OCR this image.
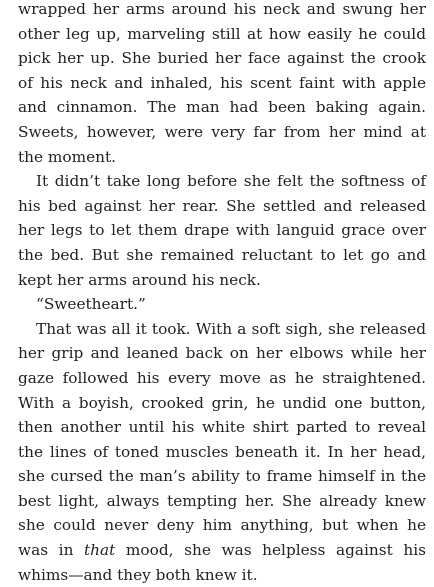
wrapped her arms around his neck and swung her other leg up, marveling still at how easily he could pick her up. She buried her face against the crook of his neck and inhaled, his scent faint with apple and cinnamon. The man had been baking again. Sweets, however, were very far from her mind at the moment.

It didn’t take long before she felt the softness of his bed against her rear. She settled and released her legs to let them drape with languid grace over the bed. But she remained reluctant to let go and kept her arms around his neck.

“Sweetheart.”

That was all it took. With a soft sigh, she released her grip and leaned back on her elbows while her gaze followed his every move as he straightened. With a boyish, crooked grin, he undid one button, then another until his white shirt parted to reveal the lines of toned muscles beneath it. In her head, she cursed the man’s ability to frame himself in the best light, always tempting her. She already knew she could never deny him anything, but when he was in that mood, she was helpless against his whims—and they both knew it.
